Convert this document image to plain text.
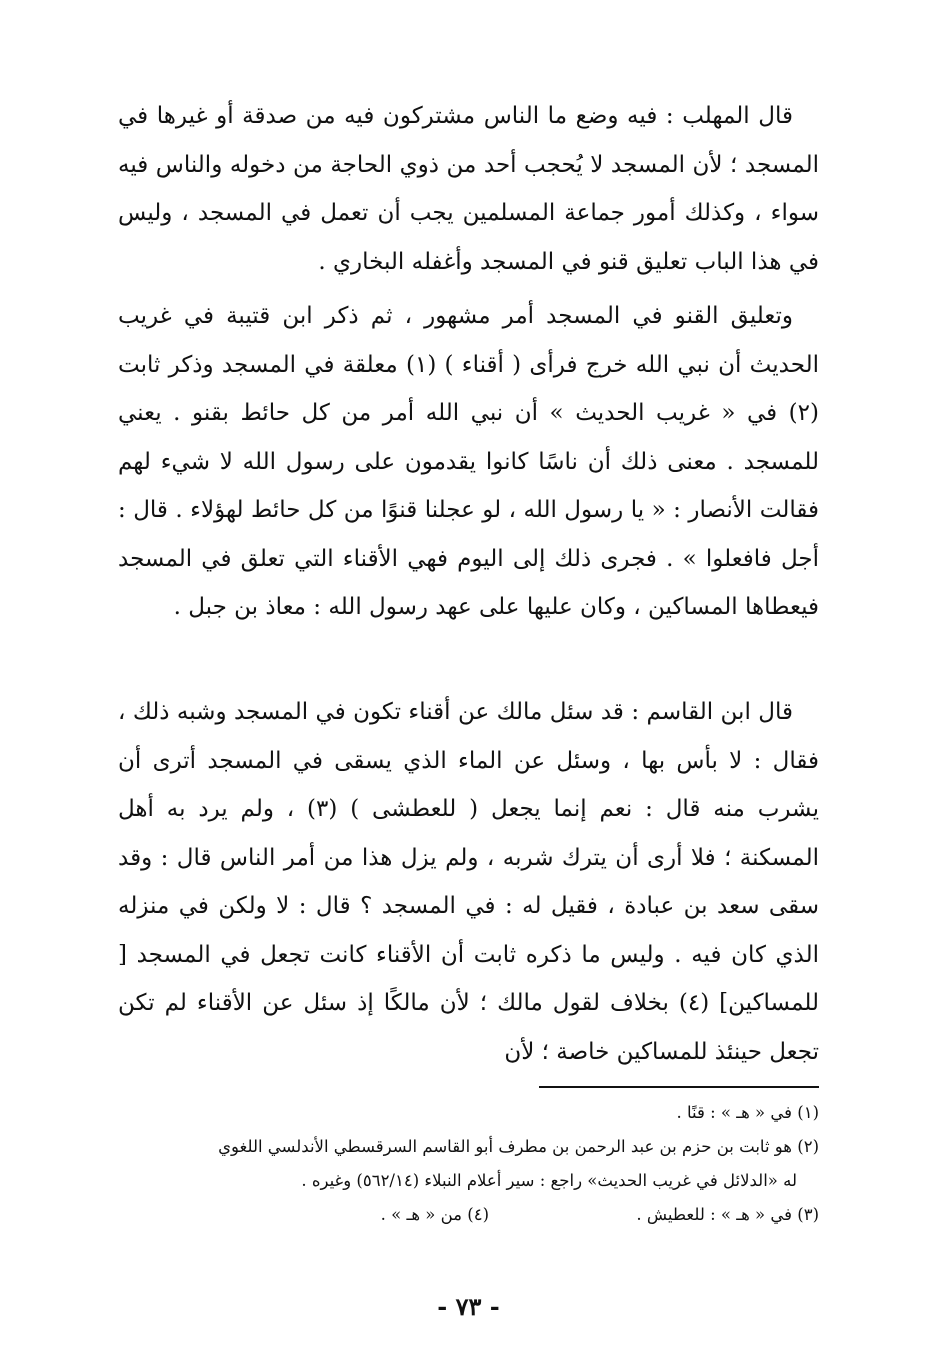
قال المهلب : فيه وضع ما الناس مشتركون فيه من صدقة أو غيرها في المسجد ؛ لأن المسجد لا يُحجب أحد من ذوي الحاجة من دخوله والناس فيه سواء ، وكذلك أمور جماعة المسلمين يجب أن تعمل في المسجد ، وليس في هذا الباب تعليق قنو في المسجد وأغفله البخاري .

وتعليق القنو في المسجد أمر مشهور ، ثم ذكر ابن قتيبة في غريب الحديث أن نبي الله خرج فرأى ( أقناء ) (١) معلقة في المسجد وذكر ثابت (٢) في « غريب الحديث » أن نبي الله أمر من كل حائط بقنو . يعني للمسجد . معنى ذلك أن ناسًا كانوا يقدمون على رسول الله لا شيء لهم فقالت الأنصار : « يا رسول الله ، لو عجلنا قنوًا من كل حائط لهؤلاء . قال : أجل فافعلوا » . فجرى ذلك إلى اليوم فهي الأقناء التي تعلق في المسجد فيعطاها المساكين ، وكان عليها على عهد رسول الله : معاذ بن جبل .

قال ابن القاسم : قد سئل مالك عن أقناء تكون في المسجد وشبه ذلك ، فقال : لا بأس بها ، وسئل عن الماء الذي يسقى في المسجد أترى أن يشرب منه قال : نعم إنما يجعل ( للعطشى ) (٣) ، ولم يرد به أهل المسكنة ؛ فلا أرى أن يترك شربه ، ولم يزل هذا من أمر الناس قال : وقد سقى سعد بن عبادة ، فقيل له : في المسجد ؟ قال : لا ولكن في منزله الذي كان فيه . وليس ما ذكره ثابت أن الأقناء كانت تجعل في المسجد [ للمساكين] (٤) بخلاف لقول مالك ؛ لأن مالكًا إذ سئل عن الأقناء لم تكن تجعل حينئذ للمساكين خاصة ؛ لأن

(١) في « هـ » : قنًا .

(٢) هو ثابت بن حزم بن عبد الرحمن بن مطرف أبو القاسم السرقسطي الأندلسي اللغوي

له «الدلائل في غريب الحديث» راجع : سير أعلام النبلاء (٥٦٢/١٤) وغيره .

(٣) في « هـ » : للعطيش .(٤) من « هـ » .

- ٧٣ -
